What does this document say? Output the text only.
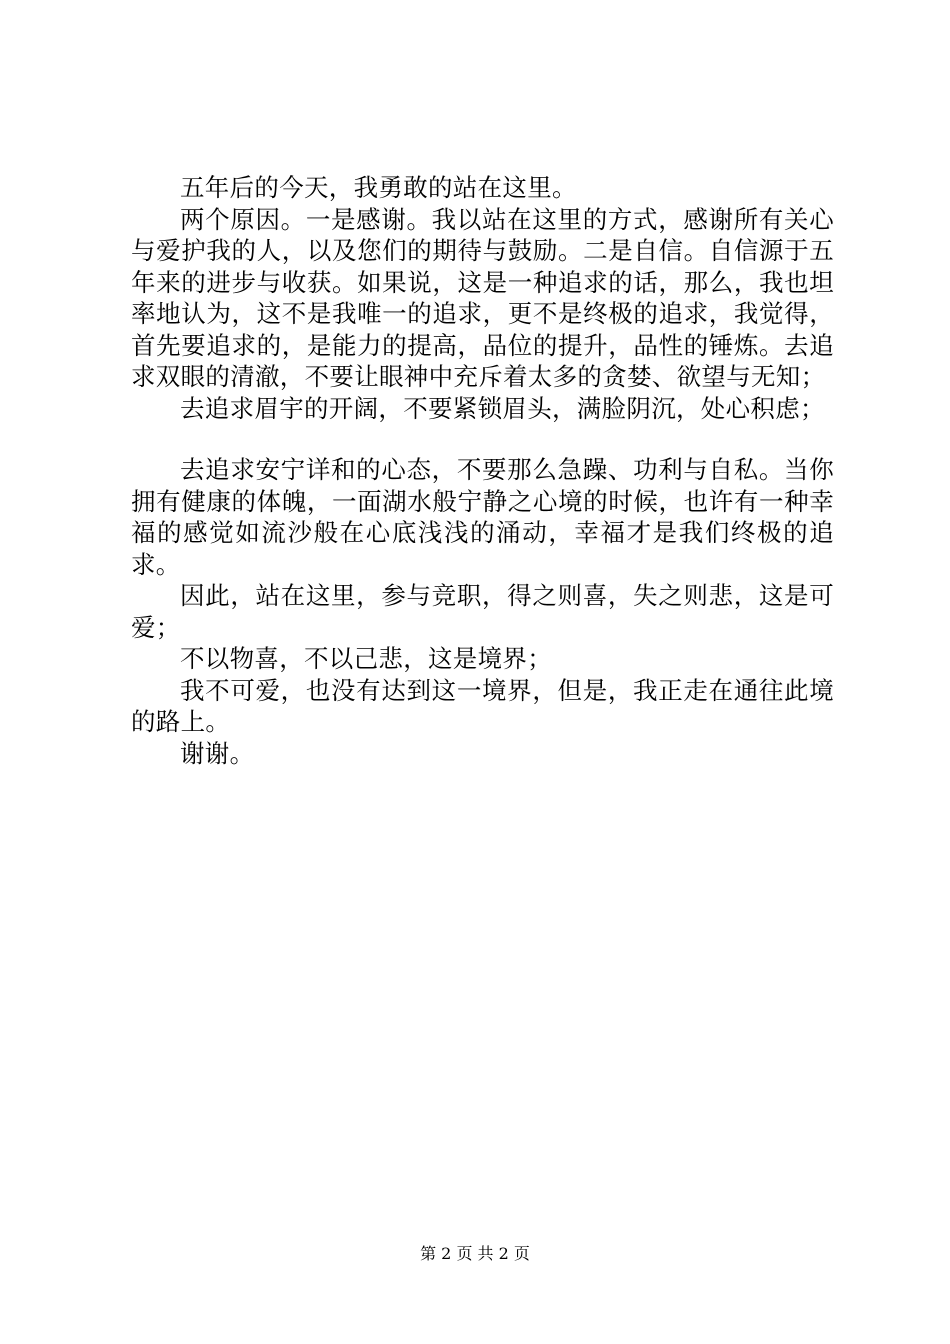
五年后的今天，我勇敢的站在这里。

两个原因。一是感谢。我以站在这里的方式，感谢所有关心与爱护我的人，以及您们的期待与鼓励。二是自信。自信源于五年来的进步与收获。如果说，这是一种追求的话，那么，我也坦率地认为，这不是我唯一的追求，更不是终极的追求，我觉得，首先要追求的，是能力的提高，品位的提升，品性的锤炼。去追求双眼的清澈，不要让眼神中充斥着太多的贪婪、欲望与无知；

去追求眉宇的开阔，不要紧锁眉头，满脸阴沉，处心积虑；

去追求安宁详和的心态，不要那么急躁、功利与自私。当你拥有健康的体魄，一面湖水般宁静之心境的时候，也许有一种幸福的感觉如流沙般在心底浅浅的涌动，幸福才是我们终极的追求。

因此，站在这里，参与竞职，得之则喜，失之则悲，这是可爱；

不以物喜，不以己悲，这是境界；

我不可爱，也没有达到这一境界，但是，我正走在通往此境的路上。

谢谢。

第 2 页 共 2 页
